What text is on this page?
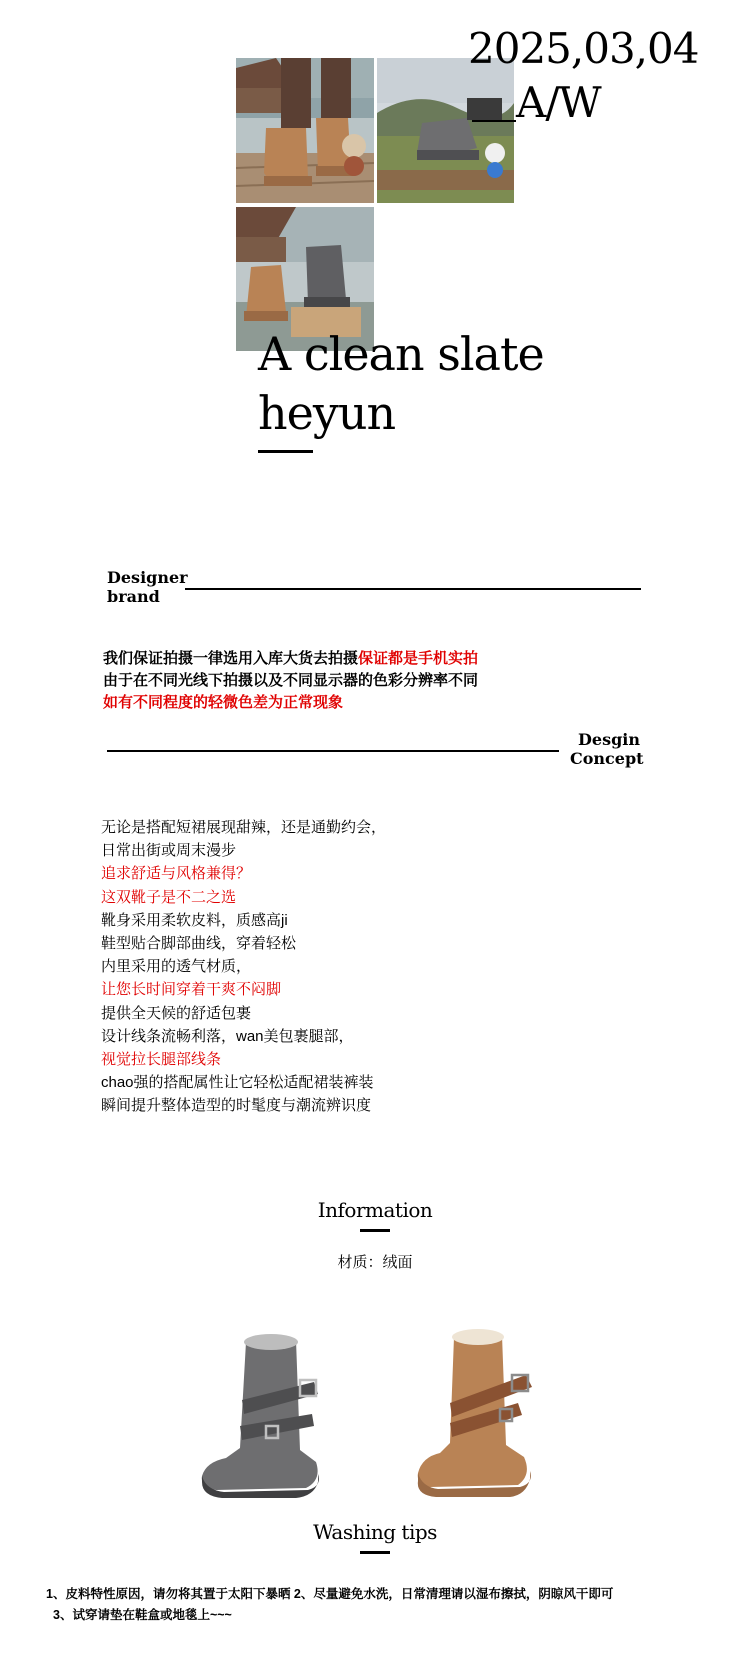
2025,03,04
A/W
A clean slate
heyun
Designer
brand
我们保证拍摄一律选用入库大货去拍摄保证都是手机实拍
由于在不同光线下拍摄以及不同显示器的色彩分辨率不同
如有不同程度的轻微色差为正常现象
Desgin
Concept
无论是搭配短裙展现甜辣，还是通勤约会，
日常出街或周末漫步
追求舒适与风格兼得？
这双靴子是不二之选
靴身采用柔软皮料，质感高ji
鞋型贴合脚部曲线，穿着轻松
内里采用的透气材质，
让您长时间穿着干爽不闷脚
提供全天候的舒适包裹
设计线条流畅利落，wan美包裹腿部，
视觉拉长腿部线条
chao强的搭配属性让它轻松适配裙装裤装
瞬间提升整体造型的时髦度与潮流辨识度
Information
材质：绒面
Washing tips
1、皮料特性原因，请勿将其置于太阳下暴晒 2、尽量避免水洗，日常清理请以湿布擦拭，阴晾风干即可
3、试穿请垫在鞋盒或地毯上~~~
